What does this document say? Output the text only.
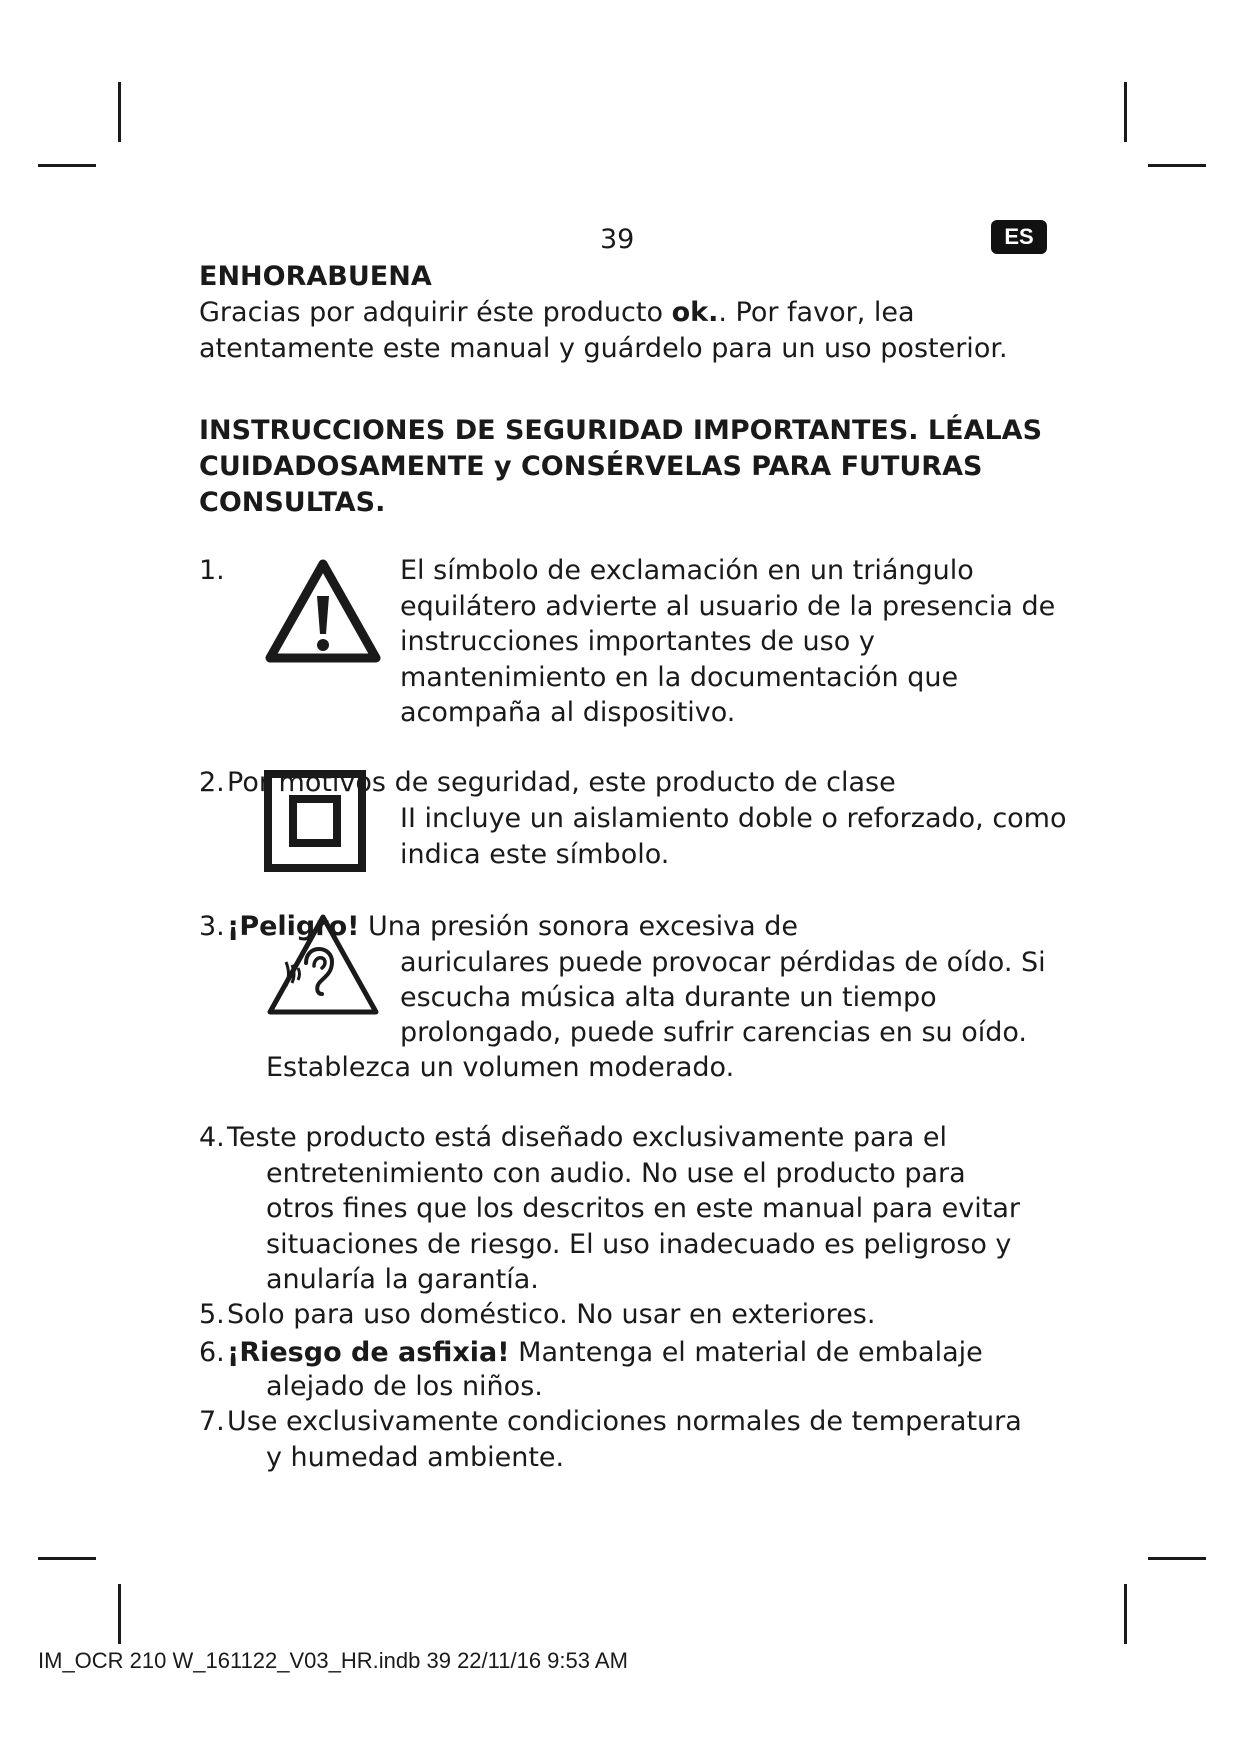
39	ES
ENHORABUENA
Gracias por adquirir éste producto ok.. Por favor, lea
atentamente este manual y guárdelo para un uso posterior.
INSTRUCCIONES DE SEGURIDAD IMPORTANTES. LÉALAS
CUIDADOSAMENTE y CONSÉRVELAS PARA FUTURAS
CONSULTAS.
1.	El símbolo de exclamación en un triángulo
equilátero advierte al usuario de la presencia de
instrucciones importantes de uso y
mantenimiento en la documentación que
acompaña al dispositivo.
2. Por motivos de seguridad, este producto de clase
II incluye un aislamiento doble o reforzado, como
indica este símbolo.
3. ¡Peligro! Una presión sonora excesiva de
auriculares puede provocar pérdidas de oído. Si
escucha música alta durante un tiempo
prolongado, puede sufrir carencias en su oído.
Establezca un volumen moderado.
4. Teste producto está diseñado exclusivamente para el
entretenimiento con audio. No use el producto para
otros fines que los descritos en este manual para evitar
situaciones de riesgo. El uso inadecuado es peligroso y
anularía la garantía.
5. Solo para uso doméstico. No usar en exteriores.
6. ¡Riesgo de asfixia! Mantenga el material de embalaje
alejado de los niños.
7. Use exclusivamente condiciones normales de temperatura
y humedad ambiente.
IM_OCR 210 W_161122_V03_HR.indb 39 22/11/16 9:53 AM
